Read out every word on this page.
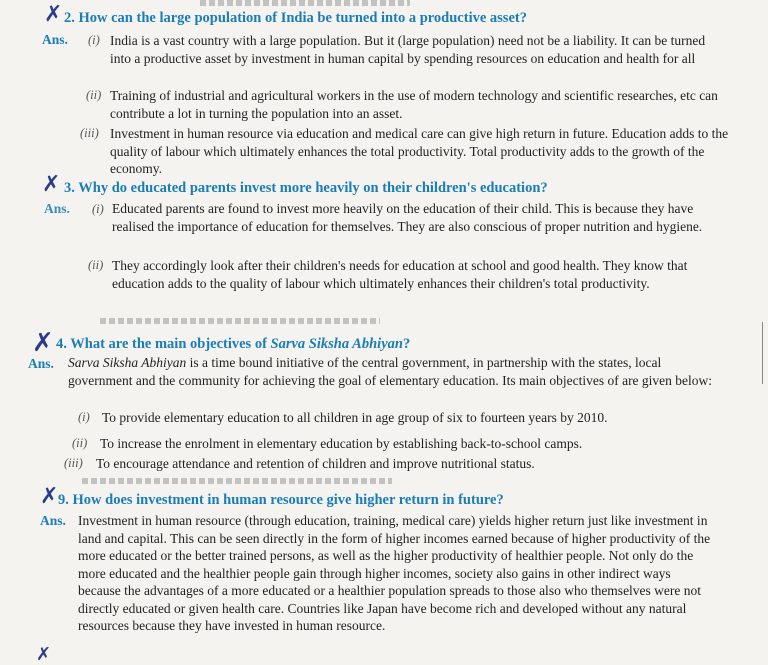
✗ 2. How can the large population of India be turned into a productive asset?
Ans. (i) India is a vast country with a large population. But it (large population) need not be a liability. It can be turned into a productive asset by investment in human capital by spending resources on education and health for all
(ii) Training of industrial and agricultural workers in the use of modern technology and scientific researches, etc can contribute a lot in turning the population into an asset.
(iii) Investment in human resource via education and medical care can give high return in future. Education adds to the quality of labour which ultimately enhances the total productivity. Total productivity adds to the growth of the economy.
✗ 3. Why do educated parents invest more heavily on their children's education?
Ans. (i) Educated parents are found to invest more heavily on the education of their child. This is because they have realised the importance of education for themselves. They are also conscious of proper nutrition and hygiene.
(ii) They accordingly look after their children's needs for education at school and good health. They know that education adds to the quality of labour which ultimately enhances their children's total productivity.
✗ 4. What are the main objectives of Sarva Siksha Abhiyan?
Ans. Sarva Siksha Abhiyan is a time bound initiative of the central government, in partnership with the states, local government and the community for achieving the goal of elementary education. Its main objectives of are given below:
(i) To provide elementary education to all children in age group of six to fourteen years by 2010.
(ii) To increase the enrolment in elementary education by establishing back-to-school camps.
(iii) To encourage attendance and retention of children and improve nutritional status.
✗ 9. How does investment in human resource give higher return in future?
Ans. Investment in human resource (through education, training, medical care) yields higher return just like investment in land and capital. This can be seen directly in the form of higher incomes earned because of higher productivity of the more educated or the better trained persons, as well as the higher productivity of healthier people. Not only do the more educated and the healthier people gain through higher incomes, society also gains in other indirect ways because the advantages of a more educated or a healthier population spreads to those also who themselves were not directly educated or given health care. Countries like Japan have become rich and developed without any natural resources because they have invested in human resource.
✗
